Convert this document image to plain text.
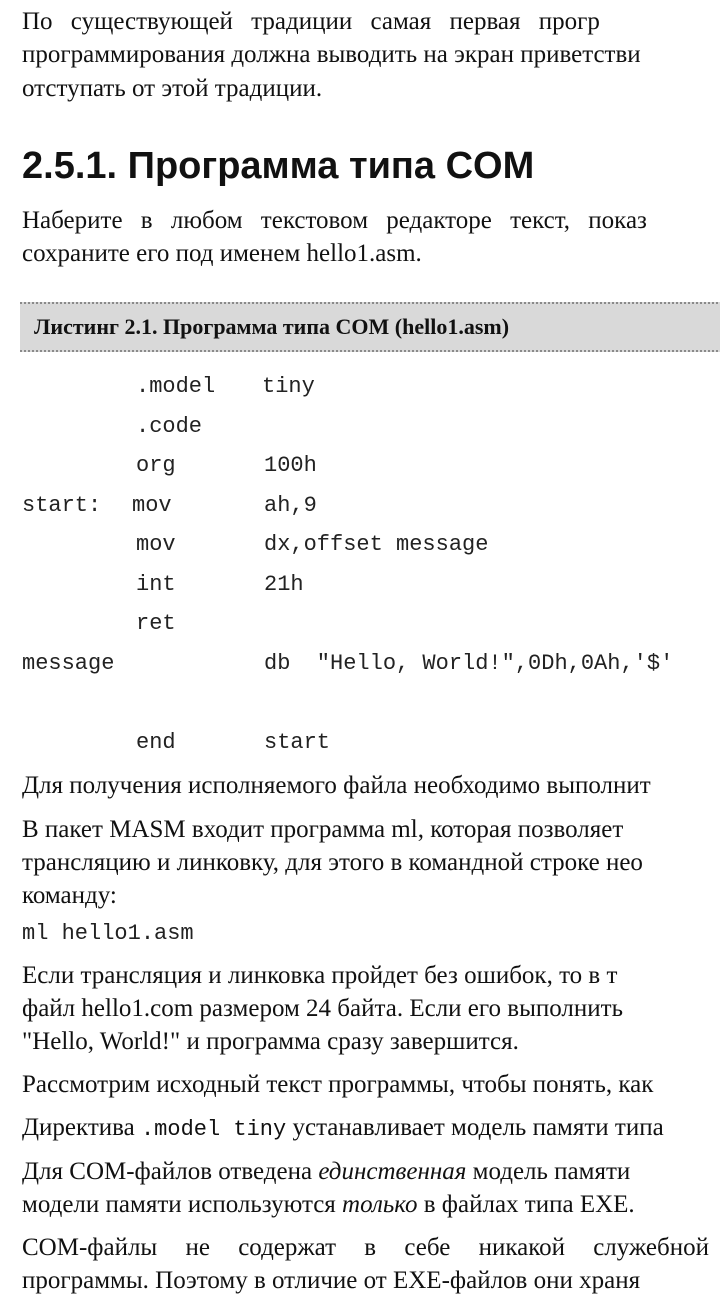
По существующей традиции самая первая прогр
программирования должна выводить на экран приветстви
отступать от этой традиции.
2.5.1. Программа типа COM
Наберите в любом текстовом редакторе текст, показ
сохраните его под именем hello1.asm.
Листинг 2.1. Программа типа COM (hello1.asm)
.model tiny
.code
org	100h
start: mov	ah,9
mov	dx,offset message
int	21h
ret
message	db  "Hello, World!",0Dh,0Ah,'$'
end	start
Для получения исполняемого файла необходимо выполнит
В пакет MASM входит программа ml, которая позволяет
трансляцию и линковку, для этого в командной строке нео
команду:
ml hello1.asm
Если трансляция и линковка пройдет без ошибок, то в т
файл hello1.com размером 24 байта. Если его выполнить
"Hello, World!" и программа сразу завершится.
Рассмотрим исходный текст программы, чтобы понять, как
Директива .model tiny устанавливает модель памяти типа
Для COM-файлов отведена единственная модель памяти
модели памяти используются только в файлах типа EXE.
COM-файлы не содержат в себе никакой служебной
программы. Поэтому в отличие от EXE-файлов они храня
